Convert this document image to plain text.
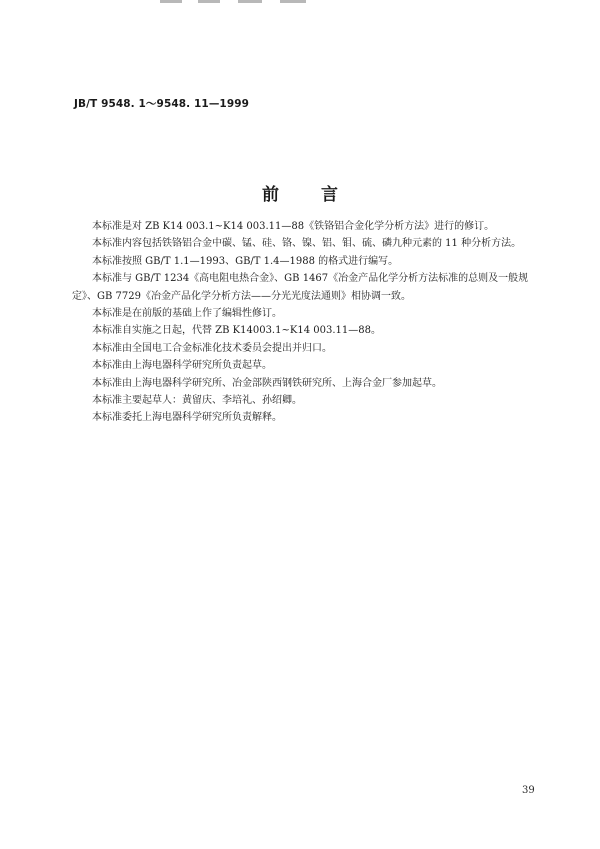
JB/T 9548. 1～9548. 11—1999
前 言

本标准是对 ZB K14 003.1~K14 003.11—88《铁铬铝合金化学分析方法》进行的修订。

本标准内容包括铁铬铝合金中碳、锰、硅、铬、镍、铝、钼、硫、磷九种元素的 11 种分析方法。

本标准按照 GB/T 1.1—1993、GB/T 1.4—1988 的格式进行编写。

本标准与 GB/T 1234《高电阻电热合金》、GB 1467《冶金产品化学分析方法标准的总则及一般规定》、GB 7729《冶金产品化学分析方法——分光光度法通则》相协调一致。

本标准是在前版的基础上作了编辑性修订。

本标准自实施之日起，代替 ZB K14003.1~K14 003.11—88。

本标准由全国电工合金标准化技术委员会提出并归口。

本标准由上海电器科学研究所负责起草。

本标准由上海电器科学研究所、冶金部陕西钢铁研究所、上海合金厂参加起草。

本标准主要起草人：黄留庆、李培礼、孙绍卿。

本标准委托上海电器科学研究所负责解释。

39
